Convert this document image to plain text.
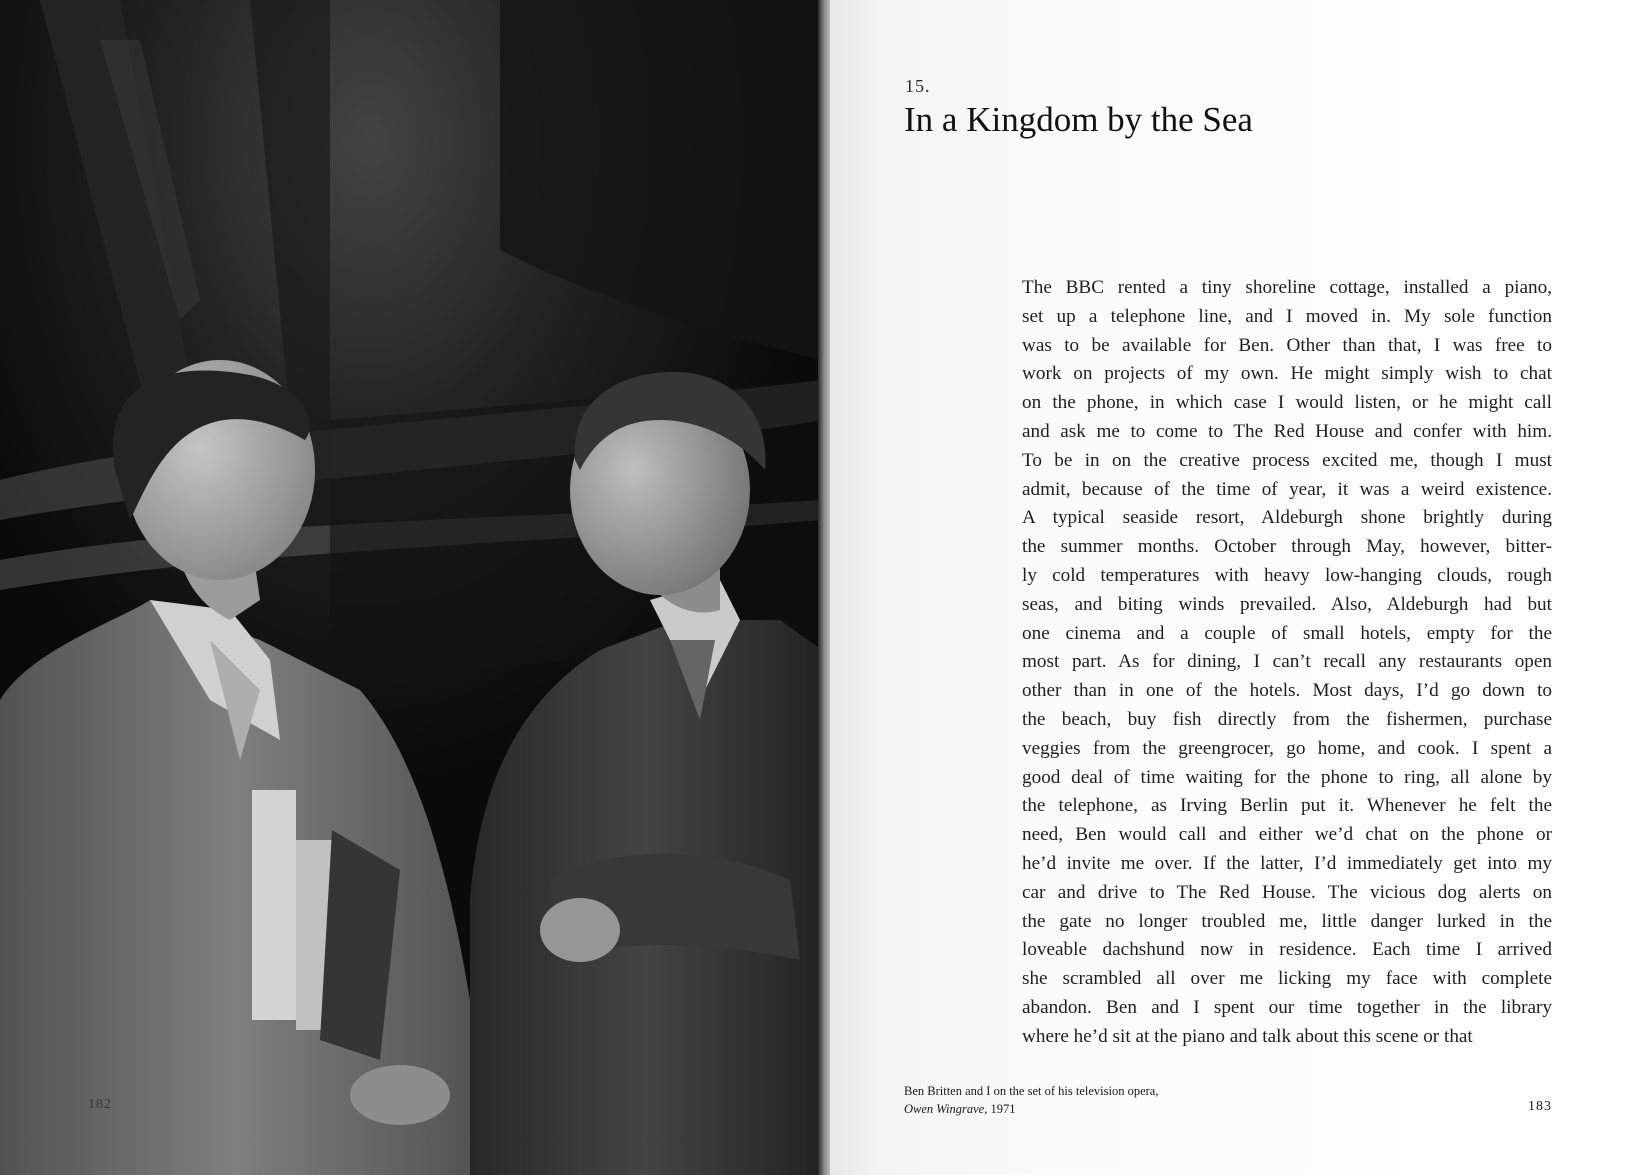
15.
In a Kingdom by the Sea
The BBC rented a tiny shoreline cottage, installed a piano,
set up a telephone line, and I moved in. My sole function
was to be available for Ben. Other than that, I was free to
work on projects of my own. He might simply wish to chat
on the phone, in which case I would listen, or he might call
and ask me to come to The Red House and confer with him.
To be in on the creative process excited me, though I must
admit, because of the time of year, it was a weird existence.
A typical seaside resort, Aldeburgh shone brightly during
the summer months. October through May, however, bitter-
ly cold temperatures with heavy low-hanging clouds, rough
seas, and biting winds prevailed. Also, Aldeburgh had but
one cinema and a couple of small hotels, empty for the
most part. As for dining, I can’t recall any restaurants open
other than in one of the hotels. Most days, I’d go down to
the beach, buy fish directly from the fishermen, purchase
veggies from the greengrocer, go home, and cook. I spent a
good deal of time waiting for the phone to ring, all alone by
the telephone, as Irving Berlin put it. Whenever he felt the
need, Ben would call and either we’d chat on the phone or
he’d invite me over. If the latter, I’d immediately get into my
car and drive to The Red House. The vicious dog alerts on
the gate no longer troubled me, little danger lurked in the
loveable dachshund now in residence. Each time I arrived
she scrambled all over me licking my face with complete
abandon. Ben and I spent our time together in the library
where he’d sit at the piano and talk about this scene or that
Ben Britten and I on the set of his television opera,
Owen Wingrave, 1971	183
182
